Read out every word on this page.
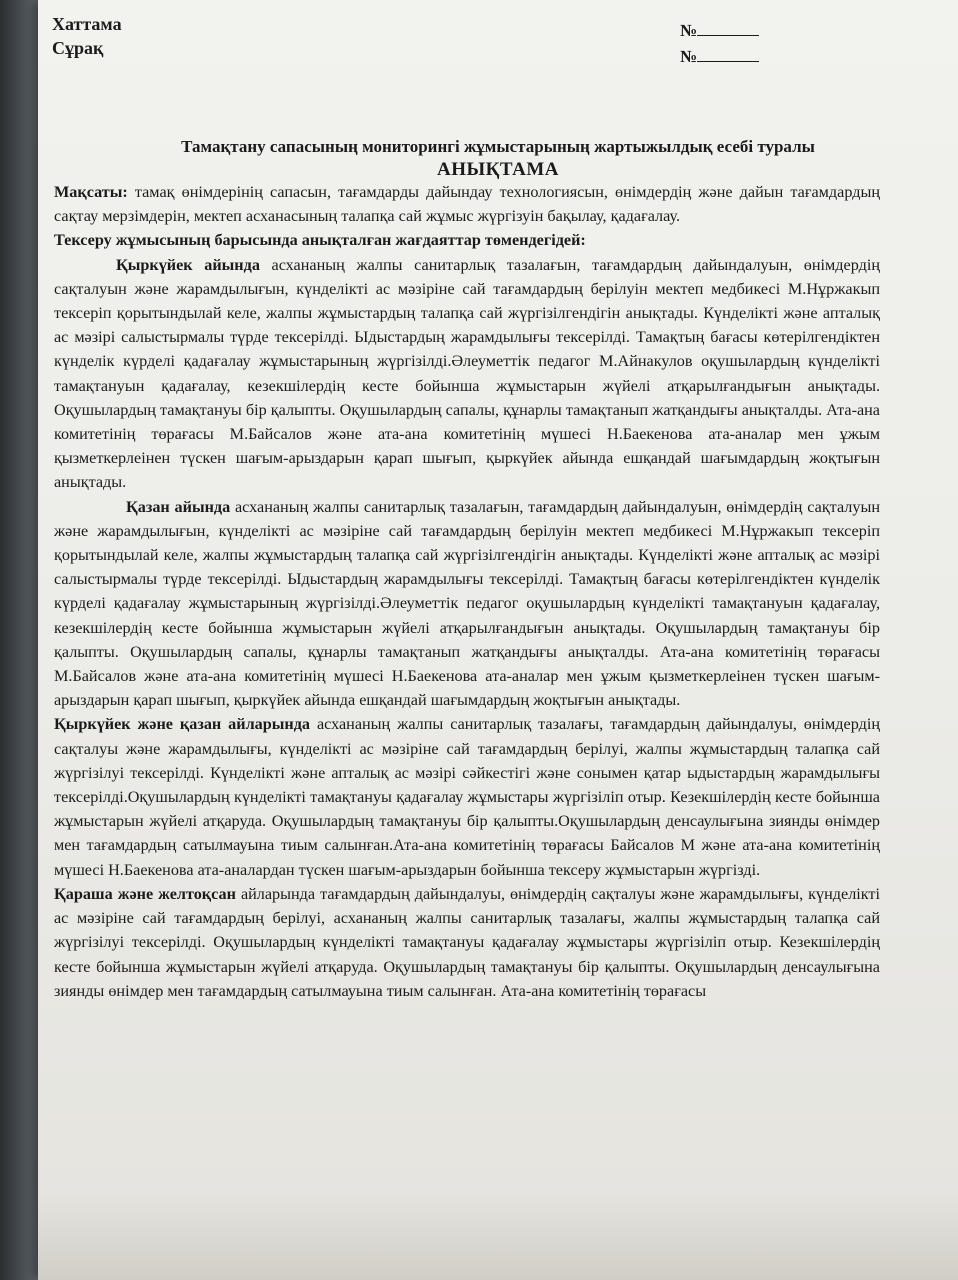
Хаттама
Сұрақ
№
№
Тамақтану сапасының мониторингі жұмыстарының жартыжылдық есебі туралы
АНЫҚТАМА

Мақсаты: тамақ өнімдерінің сапасын, тағамдарды дайындау технологиясын, өнімдердің және дайын тағамдардың сақтау мерзімдерін, мектеп асханасының талапқа сай жұмыс жүргізуін бақылау, қадағалау.

Тексеру жұмысының барысында анықталған жағдаяттар төмендегідей:

Қыркүйек айында асхананың жалпы санитарлық тазалағын, тағамдардың дайындалуын, өнімдердің сақталуын және жарамдылығын, күнделікті ас мәзіріне сай тағамдардың берілуін мектеп медбикесі М.Нұржакып тексеріп қорытындылай келе, жалпы жұмыстардың талапқа сай жүргізілгендігін анықтады. Күнделікті және апталық ас мәзірі салыстырмалы түрде тексерілді. Ыдыстардың жарамдылығы тексерілді. Тамақтың бағасы көтерілгендіктен күнделік күрделі қадағалау жұмыстарының жүргізілді.Әлеуметтік педагог М.Айнакулов оқушылардың күнделікті тамақтануын қадағалау, кезекшілердің кесте бойынша жұмыстарын жүйелі атқарылғандығын анықтады. Оқушылардың тамақтануы бір қалыпты. Оқушылардың сапалы, құнарлы тамақтанып жатқандығы анықталды. Ата-ана комитетінің төрағасы М.Байсалов және ата-ана комитетінің мүшесі Н.Баекенова ата-аналар мен ұжым қызметкерлеінен түскен шағым-арыздарын қарап шығып, қыркүйек айында ешқандай шағымдардың жоқтығын анықтады.

Қазан айында асхананың жалпы санитарлық тазалағын, тағамдардың дайындалуын, өнімдердің сақталуын және жарамдылығын, күнделікті ас мәзіріне сай тағамдардың берілуін мектеп медбикесі М.Нұржакып тексеріп қорытындылай келе, жалпы жұмыстардың талапқа сай жүргізілгендігін анықтады. Күнделікті және апталық ас мәзірі салыстырмалы түрде тексерілді. Ыдыстардың жарамдылығы тексерілді. Тамақтың бағасы көтерілгендіктен күнделік күрделі қадағалау жұмыстарының жүргізілді.Әлеуметтік педагог оқушылардың күнделікті тамақтануын қадағалау, кезекшілердің кесте бойынша жұмыстарын жүйелі атқарылғандығын анықтады. Оқушылардың тамақтануы бір қалыпты. Оқушылардың сапалы, құнарлы тамақтанып жатқандығы анықталды. Ата-ана комитетінің төрағасы М.Байсалов және ата-ана комитетінің мүшесі Н.Баекенова ата-аналар мен ұжым қызметкерлеінен түскен шағым-арыздарын қарап шығып, қыркүйек айында ешқандай шағымдардың жоқтығын анықтады.

Қыркүйек және қазан айларында асхананың жалпы санитарлық тазалағы, тағамдардың дайындалуы, өнімдердің сақталуы және жарамдылығы, күнделікті ас мәзіріне сай тағамдардың берілуі, жалпы жұмыстардың талапқа сай жүргізілуі тексерілді. Күнделікті және апталық ас мәзірі сәйкестігі және сонымен қатар ыдыстардың жарамдылығы тексерілді.Оқушылардың күнделікті тамақтануы қадағалау жұмыстары жүргізіліп отыр. Кезекшілердің кесте бойынша жұмыстарын жүйелі атқаруда. Оқушылардың тамақтануы бір қалыпты.Оқушылардың денсаулығына зиянды өнімдер мен тағамдардың сатылмауына тиым салынған.Ата-ана комитетінің төрағасы Байсалов М және ата-ана комитетінің мүшесі Н.Баекенова ата-аналардан түскен шағым-арыздарын бойынша тексеру жұмыстарын жүргізді.

Қараша және желтоқсан айларында тағамдардың дайындалуы, өнімдердің сақталуы және жарамдылығы, күнделікті ас мәзіріне сай тағамдардың берілуі, асхананың жалпы санитарлық тазалағы, жалпы жұмыстардың талапқа сай жүргізілуі тексерілді. Оқушылардың күнделікті тамақтануы қадағалау жұмыстары жүргізіліп отыр. Кезекшілердің кесте бойынша жұмыстарын жүйелі атқаруда. Оқушылардың тамақтануы бір қалыпты. Оқушылардың денсаулығына зиянды өнімдер мен тағамдардың сатылмауына тиым салынған. Ата-ана комитетінің төрағасы
